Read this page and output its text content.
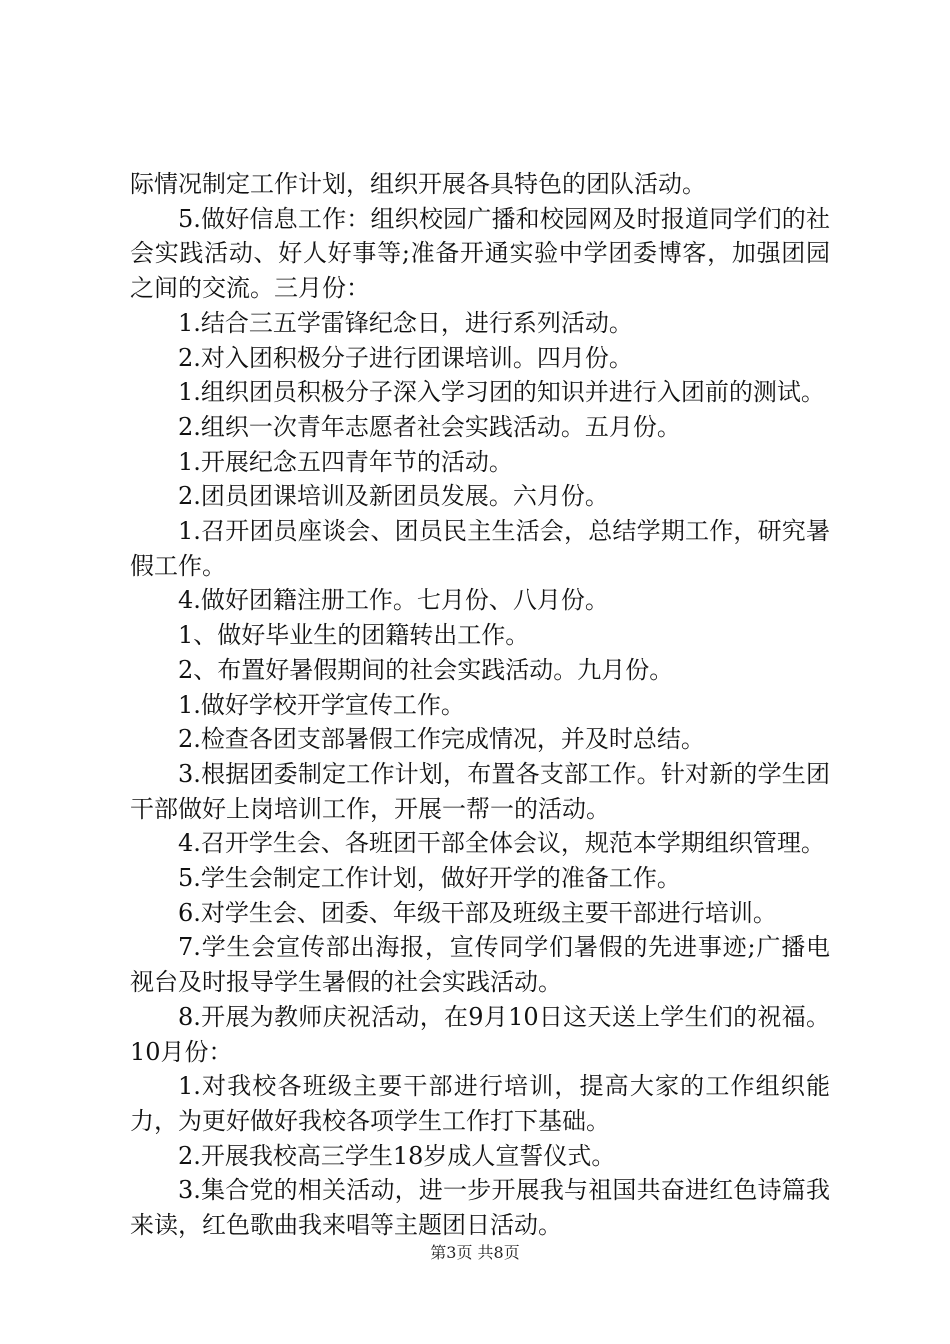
际情况制定工作计划，组织开展各具特色的团队活动。

5.做好信息工作：组织校园广播和校园网及时报道同学们的社会实践活动、好人好事等;准备开通实验中学团委博客，加强团园之间的交流。三月份：

1.结合三五学雷锋纪念日，进行系列活动。

2.对入团积极分子进行团课培训。四月份。

1.组织团员积极分子深入学习团的知识并进行入团前的测试。

2.组织一次青年志愿者社会实践活动。五月份。

1.开展纪念五四青年节的活动。

2.团员团课培训及新团员发展。六月份。

1.召开团员座谈会、团员民主生活会，总结学期工作，研究暑假工作。

4.做好团籍注册工作。七月份、八月份。

1、做好毕业生的团籍转出工作。

2、布置好暑假期间的社会实践活动。九月份。

1.做好学校开学宣传工作。

2.检查各团支部暑假工作完成情况，并及时总结。

3.根据团委制定工作计划，布置各支部工作。针对新的学生团干部做好上岗培训工作，开展一帮一的活动。

4.召开学生会、各班团干部全体会议，规范本学期组织管理。

5.学生会制定工作计划，做好开学的准备工作。

6.对学生会、团委、年级干部及班级主要干部进行培训。

7.学生会宣传部出海报，宣传同学们暑假的先进事迹;广播电视台及时报导学生暑假的社会实践活动。

8.开展为教师庆祝活动，在9月10日这天送上学生们的祝福。10月份：

1.对我校各班级主要干部进行培训，提高大家的工作组织能力，为更好做好我校各项学生工作打下基础。

2.开展我校高三学生18岁成人宣誓仪式。

3.集合党的相关活动，进一步开展我与祖国共奋进红色诗篇我来读，红色歌曲我来唱等主题团日活动。

第3页 共8页
